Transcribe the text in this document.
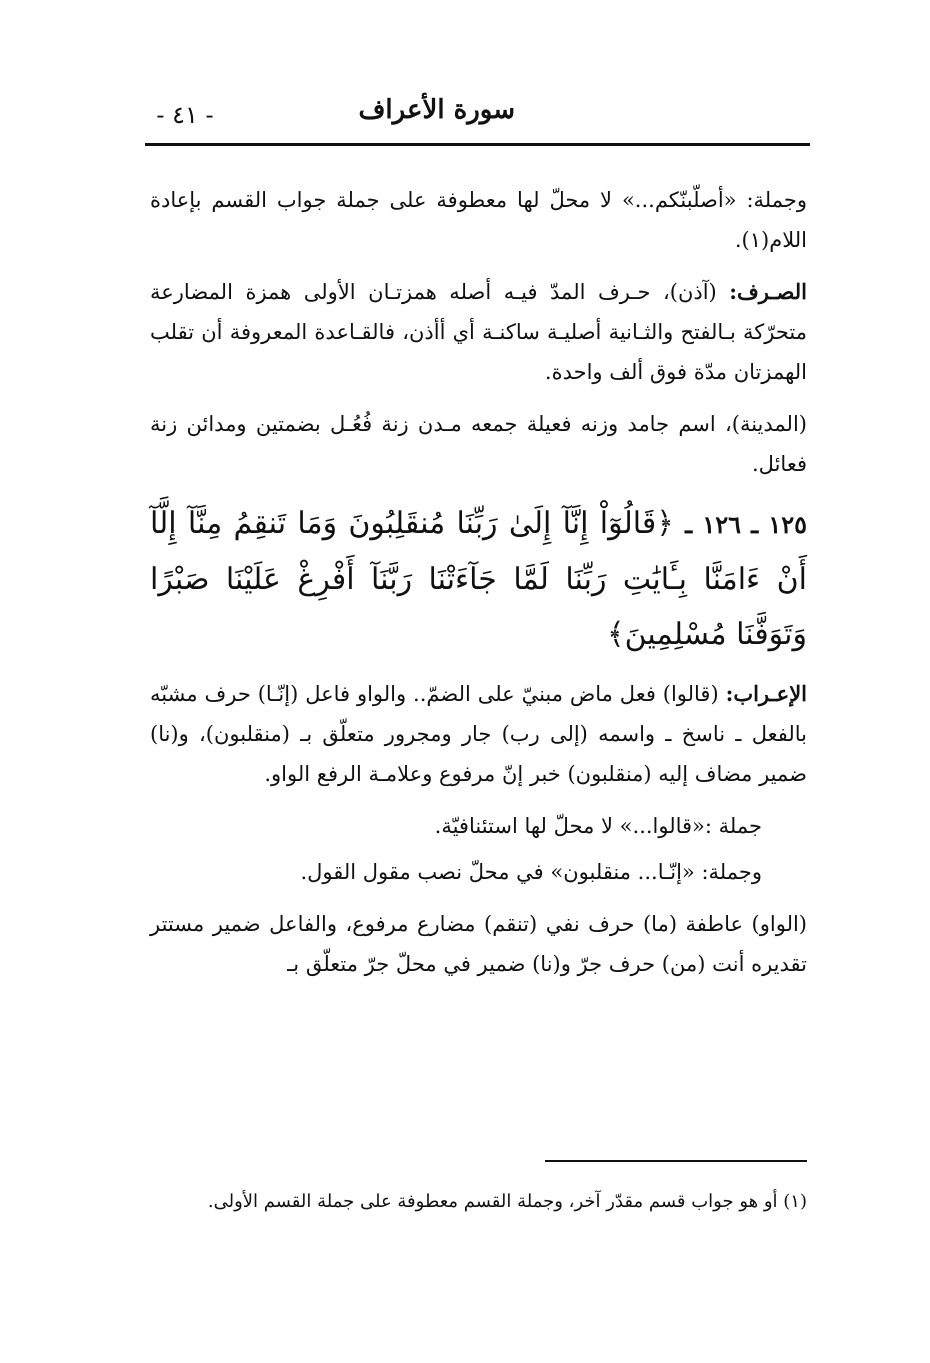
سورة الأعراف
- ٤١ -

وجملة: «أصلّبنّكم...» لا محلّ لها معطوفة على جملة جواب القسم بإعادة اللام(١).

الصـرف: (آذن)، حـرف المدّ فيـه أصله همزتـان الأولى همزة المضارعة متحرّكة بـالفتح والثـانية أصليـة ساكنـة أي أأذن، فالقـاعدة المعروفة أن تقلب الهمزتان مدّة فوق ألف واحدة.

(المدينة)، اسم جامد وزنه فعيلة جمعه مـدن زنة فُعُـل بضمتين ومدائن زنة فعائل.

١٢٥ ـ ١٢٦ ـ ﴿قَالُوٓاْ إِنَّآ إِلَىٰ رَبِّنَا مُنقَلِبُونَ وَمَا تَنقِمُ مِنَّآ إِلَّآ أَنْ ءَامَنَّا بِـَٔايَٰتِ رَبِّنَا لَمَّا جَآءَتْنَا رَبَّنَآ أَفْرِغْ عَلَيْنَا صَبْرًا وَتَوَفَّنَا مُسْلِمِينَ﴾

الإعـراب: (قالوا) فعل ماض مبنيّ على الضمّ.. والواو فاعل (إنّـا) حرف مشبّه بالفعل ـ ناسخ ـ واسمه (إلى رب) جار ومجرور متعلّق بـ (منقلبون)، و(نا) ضمير مضاف إليه (منقلبون) خبر إنّ مرفوع وعلامـة الرفع الواو.

جملة :«قالوا...» لا محلّ لها استئنافيّة.

وجملة: «إنّـا... منقلبون» في محلّ نصب مقول القول.

(الواو) عاطفة (ما) حرف نفي (تنقم) مضارع مرفوع، والفاعل ضمير مستتر تقديره أنت (من) حرف جرّ و(نا) ضمير في محلّ جرّ متعلّق بـ

(١) أو هو جواب قسم مقدّر آخر، وجملة القسم معطوفة على جملة القسم الأولى.
